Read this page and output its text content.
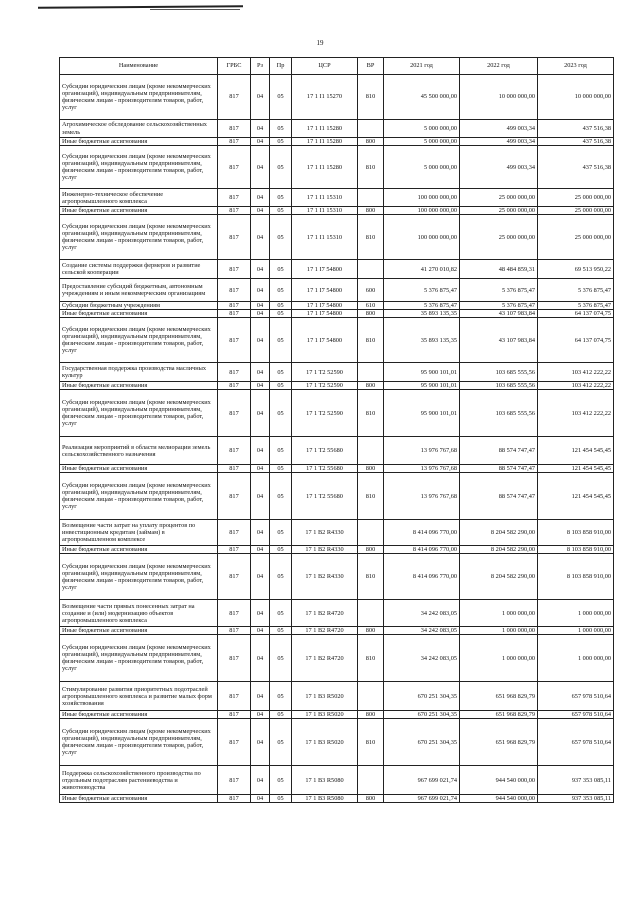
19
Наименование	ГРБС	Рз	Пр	ЦСР	ВР	2021 год	2022 год	2023 год
Субсидии юридическим лицам (кроме некоммерческих организаций), индивидуальным предпринимателям, физическим лицам - производителям товаров, работ, услуг	817	04	05	17 1 I1 15270	810	45 500 000,00	10 000 000,00	10 000 000,00
Агрохимическое обследование сельскохозяйственных земель	817	04	05	17 1 I1 15280		5 000 000,00	499 003,34	437 516,38
Иные бюджетные ассигнования	817	04	05	17 1 I1 15280	800	5 000 000,00	499 003,34	437 516,38
Субсидии юридическим лицам (кроме некоммерческих организаций), индивидуальным предпринимателям, физическим лицам - производителям товаров, работ, услуг	817	04	05	17 1 I1 15280	810	5 000 000,00	499 003,34	437 516,38
Инженерно-техническое обеспечение агропромышленного комплекса	817	04	05	17 1 I1 15310		100 000 000,00	25 000 000,00	25 000 000,00
Иные бюджетные ассигнования	817	04	05	17 1 I1 15310	800	100 000 000,00	25 000 000,00	25 000 000,00
Субсидии юридическим лицам (кроме некоммерческих организаций), индивидуальным предпринимателям, физическим лицам - производителям товаров, работ, услуг	817	04	05	17 1 I1 15310	810	100 000 000,00	25 000 000,00	25 000 000,00
Создание системы поддержки фермеров и развитие сельской кооперации	817	04	05	17 1 I7 54800		41 270 010,82	48 484 859,31	69 513 950,22
Предоставление субсидий бюджетным, автономным учреждениям и иным некоммерческим организациям	817	04	05	17 1 I7 54800	600	5 376 875,47	5 376 875,47	5 376 875,47
Субсидии бюджетным учреждениям	817	04	05	17 1 I7 54800	610	5 376 875,47	5 376 875,47	5 376 875,47
Иные бюджетные ассигнования	817	04	05	17 1 I7 54800	800	35 893 135,35	43 107 983,84	64 137 074,75
Субсидии юридическим лицам (кроме некоммерческих организаций), индивидуальным предпринимателям, физическим лицам - производителям товаров, работ, услуг	817	04	05	17 1 I7 54800	810	35 893 135,35	43 107 983,84	64 137 074,75
Государственная поддержка производства масличных культур	817	04	05	17 1 T2 52590		95 900 101,01	103 685 555,56	103 412 222,22
Иные бюджетные ассигнования	817	04	05	17 1 T2 52590	800	95 900 101,01	103 685 555,56	103 412 222,22
Субсидии юридическим лицам (кроме некоммерческих организаций), индивидуальным предпринимателям, физическим лицам - производителям товаров, работ, услуг	817	04	05	17 1 T2 52590	810	95 900 101,01	103 685 555,56	103 412 222,22
Реализация мероприятий в области мелиорации земель сельскохозяйственного назначения	817	04	05	17 1 T2 55680		13 976 767,68	88 574 747,47	121 454 545,45
Иные бюджетные ассигнования	817	04	05	17 1 T2 55680	800	13 976 767,68	88 574 747,47	121 454 545,45
Субсидии юридическим лицам (кроме некоммерческих организаций), индивидуальным предпринимателям, физическим лицам - производителям товаров, работ, услуг	817	04	05	17 1 T2 55680	810	13 976 767,68	88 574 747,47	121 454 545,45
Возмещение части затрат на уплату процентов по инвестиционным кредитам (займам) в агропромышленном комплексе	817	04	05	17 1 B2 R4330		8 414 096 770,00	8 204 582 290,00	8 103 858 910,00
Иные бюджетные ассигнования	817	04	05	17 1 B2 R4330	800	8 414 096 770,00	8 204 582 290,00	8 103 858 910,00
Субсидии юридическим лицам (кроме некоммерческих организаций), индивидуальным предпринимателям, физическим лицам - производителям товаров, работ, услуг	817	04	05	17 1 B2 R4330	810	8 414 096 770,00	8 204 582 290,00	8 103 858 910,00
Возмещение части прямых понесенных затрат на создание и (или) модернизацию объектов агропромышленного комплекса	817	04	05	17 1 B2 R4720		34 242 083,05	1 000 000,00	1 000 000,00
Иные бюджетные ассигнования	817	04	05	17 1 B2 R4720	800	34 242 083,05	1 000 000,00	1 000 000,00
Субсидии юридическим лицам (кроме некоммерческих организаций), индивидуальным предпринимателям, физическим лицам - производителям товаров, работ, услуг	817	04	05	17 1 B2 R4720	810	34 242 083,05	1 000 000,00	1 000 000,00
Стимулирование развития приоритетных подотраслей агропромышленного комплекса и развитие малых форм хозяйствования	817	04	05	17 1 B3 R5020		670 251 304,35	651 968 829,79	657 978 510,64
Иные бюджетные ассигнования	817	04	05	17 1 B3 R5020	800	670 251 304,35	651 968 829,79	657 978 510,64
Субсидии юридическим лицам (кроме некоммерческих организаций), индивидуальным предпринимателям, физическим лицам - производителям товаров, работ, услуг	817	04	05	17 1 B3 R5020	810	670 251 304,35	651 968 829,79	657 978 510,64
Поддержка сельскохозяйственного производства по отдельным подотраслям растениеводства и животноводства	817	04	05	17 1 B3 R5080		967 699 021,74	944 540 000,00	937 353 085,11
Иные бюджетные ассигнования	817	04	05	17 1 B3 R5080	800	967 699 021,74	944 540 000,00	937 353 085,11
